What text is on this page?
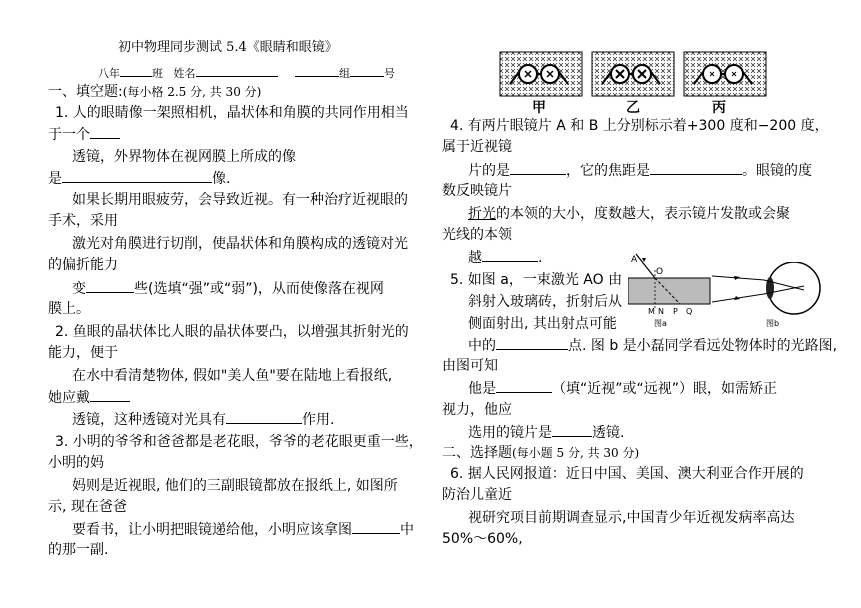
初中物理同步测试 5.4《眼睛和眼镜》
八年	班 姓名	组	号
一、填空题:(每小格 2.5 分, 共 30 分)
1. 人的眼睛像一架照相机，晶状体和角膜的共同作用相当
于一个
透镜，外界物体在视网膜上所成的像
是	像.
如果长期用眼疲劳，会导致近视。有一种治疗近视眼的
手术，采用
激光对角膜进行切削，使晶状体和角膜构成的透镜对光
的偏折能力
变	些(选填“强”或“弱”)，从而使像落在视网
膜上。
2. 鱼眼的晶状体比人眼的晶状体要凸，以增强其折射光的
能力，便于
在水中看清楚物体, 假如"美人鱼"要在陆地上看报纸,
她应戴
透镜，这种透镜对光具有	作用.
3. 小明的爷爷和爸爸都是老花眼，爷爷的老花眼更重一些，
小明的妈
妈则是近视眼, 他们的三副眼镜都放在报纸上, 如图所
示, 现在爸爸
要看书，让小明把眼镜递给他，小明应该拿图	中
的那一副.
甲	乙	丙
4. 有两片眼镜片 A 和 B 上分别标示着+300 度和−200 度，
属于近视镜
片的是	，它的焦距是	。眼镜的度
数反映镜片
折光的本领的大小，度数越大，表示镜片发散或会聚
光线的本领
越	.
5. 如图 a，一束激光 AO 由
斜射入玻璃砖，折射后从
侧面射出, 其出射点可能
A
O
M N P Q
图a	图b
中的	点. 图 b 是小磊同学看远处物体时的光路图,
由图可知
他是	（填“近视”或“远视”）眼，如需矫正
视力，他应
选用的镜片是	透镜.
二、选择题(每小题 5 分, 共 30 分)
6. 据人民网报道：近日中国、美国、澳大利亚合作开展的
防治儿童近
视研究项目前期调查显示,中国青少年近视发病率高达
50%～60%,
